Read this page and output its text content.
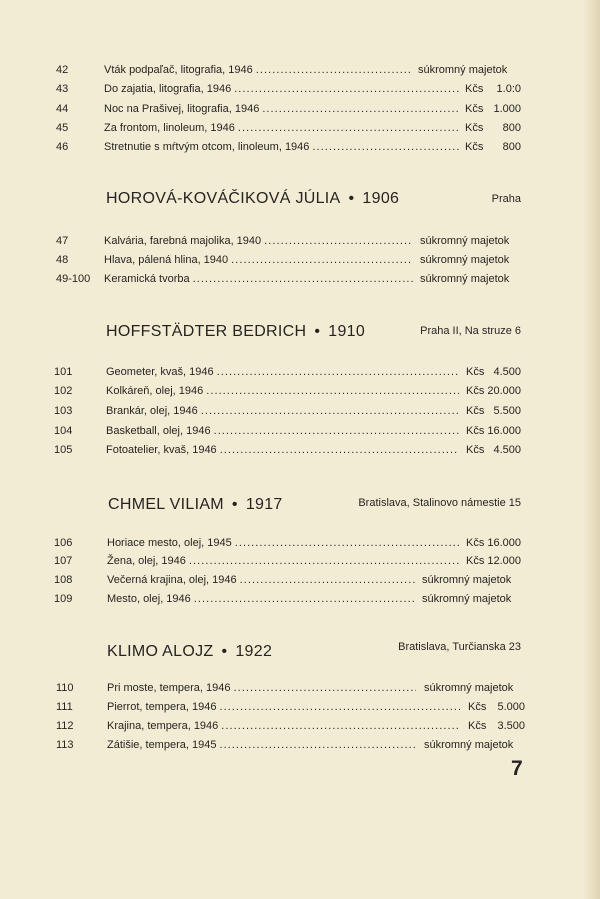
42	Vták podpaľač, litografia, 1946 . . .	súkromný majetok
43	Do zajatia, litografia, 1946 . . .	Kčs 1.0:0
44	Noc na Prašivej, litografia, 1946 . . .	Kčs 1.000
45	Za frontom, linoleum, 1946 . . .	Kčs 800
46	Stretnutie s mŕtvým otcom, linoleum, 1946 . . .	Kčs 800
HOROVÁ-KOVÁČIKOVÁ JÚLIA • 1906	Praha
47	Kalvária, farebná majolika, 1940 . . .	súkromný majetok
48	Hlava, pálená hlina, 1940 . . .	súkromný majetok
49-100	Keramická tvorba . . .	súkromný majetok
HOFFSTÄDTER BEDRICH • 1910	Praha II, Na struze 6
101	Geometer, kvaš, 1946 . . .	Kčs 4.500
102	Kolkáreň, olej, 1946 . . .	Kčs 20.000
103	Brankár, olej, 1946 . . .	Kčs 5.500
104	Basketball, olej, 1946 . . .	Kčs 16.000
105	Fotoatelier, kvaš, 1946 . . .	Kčs 4.500
CHMEL VILIAM • 1917	Bratislava, Stalinovo námestie 15
106	Horiace mesto, olej, 1945 . . .	Kčs 16.000
107	Žena, olej, 1946 . . .	Kčs 12.000
108	Večerná krajina, olej, 1946 . . .	súkromný majetok
109	Mesto, olej, 1946 . . .	súkromný majetok
KLIMO ALOJZ • 1922	Bratislava, Turčianska 23
110	Pri moste, tempera, 1946 . . .	súkromný majetok
111	Pierrot, tempera, 1946 . . .	Kčs 5.000
112	Krajina, tempera, 1946 . . .	Kčs 3.500
113	Zátišie, tempera, 1945 . . .	súkromný majetok
7
